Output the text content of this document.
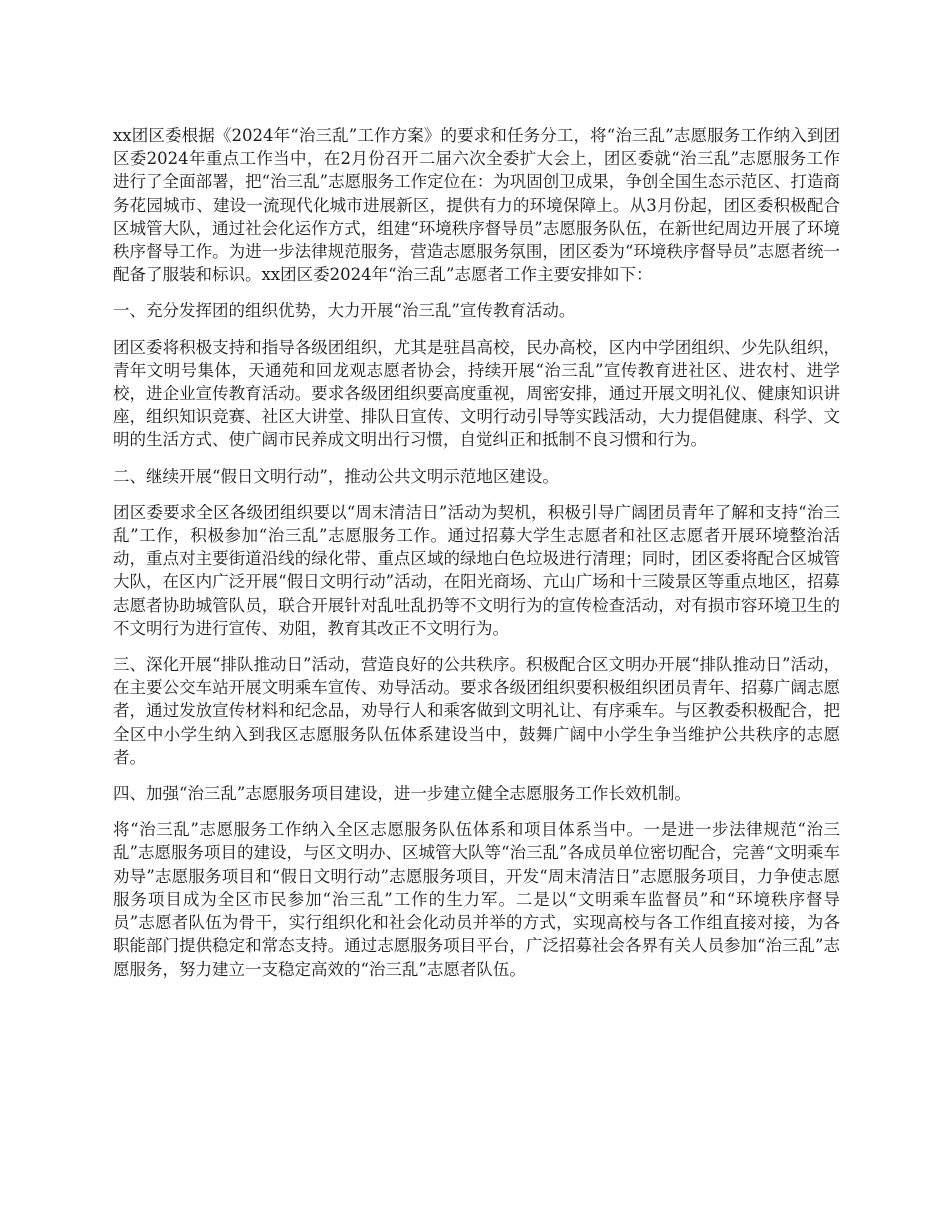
xx团区委根据《2024年“治三乱”工作方案》的要求和任务分工，将“治三乱”志愿服务工作纳入到团区委2024年重点工作当中，在2月份召开二届六次全委扩大会上，团区委就“治三乱”志愿服务工作进行了全面部署，把“治三乱”志愿服务工作定位在：为巩固创卫成果，争创全国生态示范区、打造商务花园城市、建设一流现代化城市进展新区，提供有力的环境保障上。从3月份起，团区委积极配合区城管大队，通过社会化运作方式，组建“环境秩序督导员”志愿服务队伍，在新世纪周边开展了环境秩序督导工作。为进一步法律规范服务，营造志愿服务氛围，团区委为“环境秩序督导员”志愿者统一配备了服装和标识。xx团区委2024年“治三乱”志愿者工作主要安排如下：

一、充分发挥团的组织优势，大力开展“治三乱”宣传教育活动。

团区委将积极支持和指导各级团组织，尤其是驻昌高校，民办高校，区内中学团组织、少先队组织，青年文明号集体，天通苑和回龙观志愿者协会，持续开展“治三乱”宣传教育进社区、进农村、进学校，进企业宣传教育活动。要求各级团组织要高度重视，周密安排，通过开展文明礼仪、健康知识讲座，组织知识竞赛、社区大讲堂、排队日宣传、文明行动引导等实践活动，大力提倡健康、科学、文明的生活方式、使广阔市民养成文明出行习惯，自觉纠正和抵制不良习惯和行为。

二、继续开展“假日文明行动”，推动公共文明示范地区建设。

团区委要求全区各级团组织要以“周末清洁日”活动为契机，积极引导广阔团员青年了解和支持“治三乱”工作，积极参加“治三乱”志愿服务工作。通过招募大学生志愿者和社区志愿者开展环境整治活动，重点对主要街道沿线的绿化带、重点区域的绿地白色垃圾进行清理；同时，团区委将配合区城管大队，在区内广泛开展“假日文明行动”活动，在阳光商场、亢山广场和十三陵景区等重点地区，招募志愿者协助城管队员，联合开展针对乱吐乱扔等不文明行为的宣传检查活动，对有损市容环境卫生的不文明行为进行宣传、劝阻，教育其改正不文明行为。

三、深化开展“排队推动日”活动，营造良好的公共秩序。积极配合区文明办开展“排队推动日”活动，在主要公交车站开展文明乘车宣传、劝导活动。要求各级团组织要积极组织团员青年、招募广阔志愿者，通过发放宣传材料和纪念品，劝导行人和乘客做到文明礼让、有序乘车。与区教委积极配合，把全区中小学生纳入到我区志愿服务队伍体系建设当中，鼓舞广阔中小学生争当维护公共秩序的志愿者。

四、加强“治三乱”志愿服务项目建设，进一步建立健全志愿服务工作长效机制。

将“治三乱”志愿服务工作纳入全区志愿服务队伍体系和项目体系当中。一是进一步法律规范“治三乱”志愿服务项目的建设，与区文明办、区城管大队等“治三乱”各成员单位密切配合，完善“文明乘车劝导”志愿服务项目和“假日文明行动”志愿服务项目，开发“周末清洁日”志愿服务项目，力争使志愿服务项目成为全区市民参加“治三乱”工作的生力军。二是以“文明乘车监督员”和“环境秩序督导员”志愿者队伍为骨干，实行组织化和社会化动员并举的方式，实现高校与各工作组直接对接，为各职能部门提供稳定和常态支持。通过志愿服务项目平台，广泛招募社会各界有关人员参加“治三乱”志愿服务，努力建立一支稳定高效的“治三乱”志愿者队伍。
